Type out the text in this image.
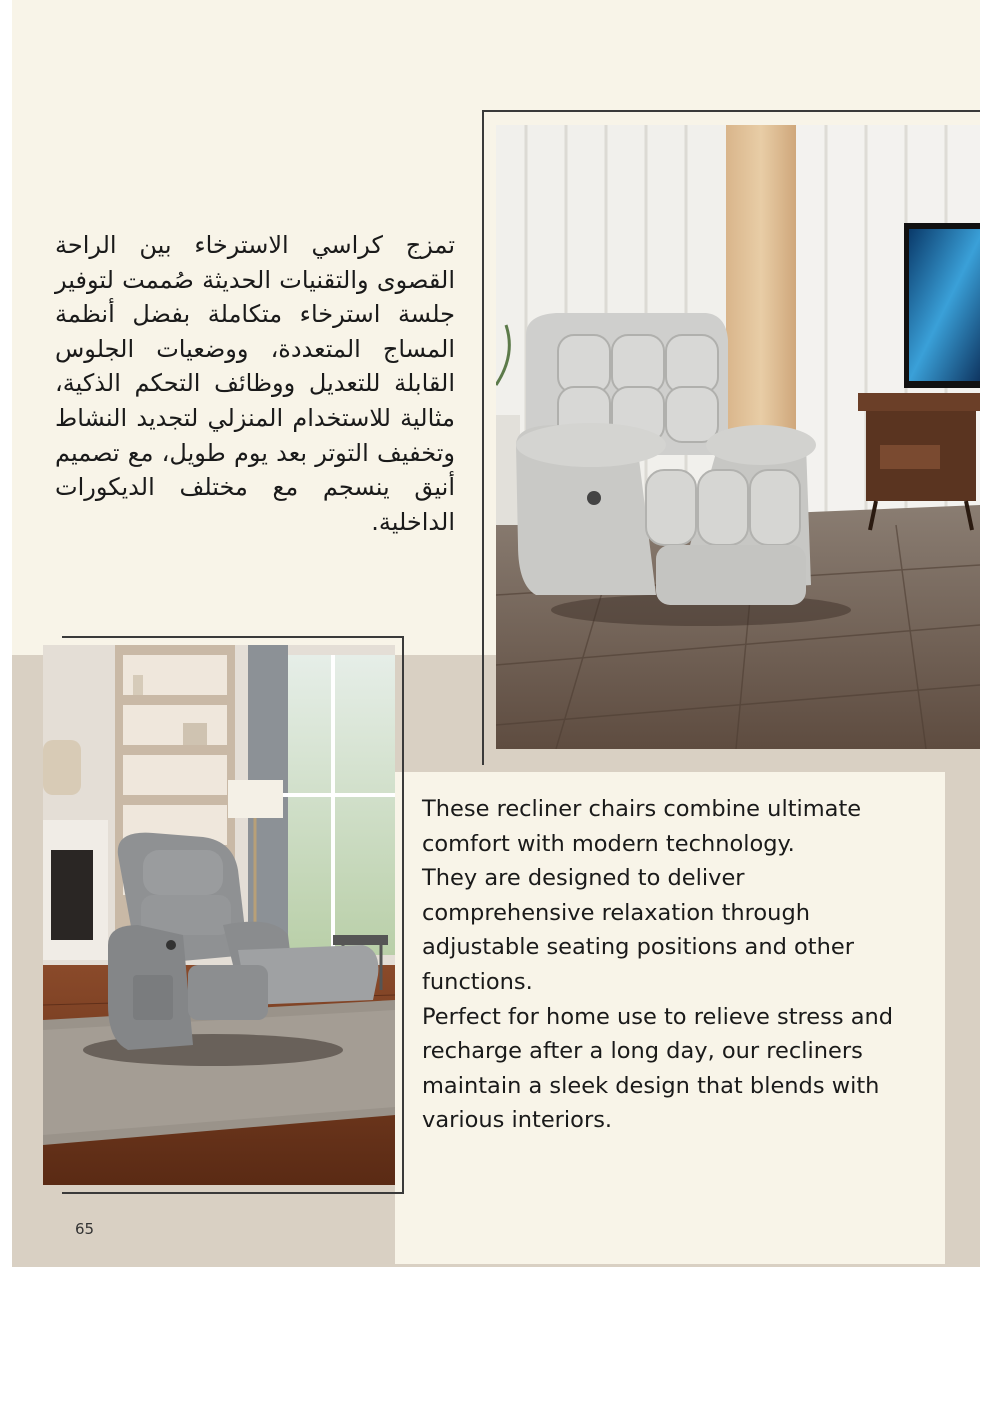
تمزج كراسي الاسترخاء بين الراحة القصوى والتقنيات الحديثة صُممت لتوفير جلسة استرخاء متكاملة بفضل أنظمة المساج المتعددة، ووضعيات الجلوس القابلة للتعديل ووظائف التحكم الذكية، مثالية للاستخدام المنزلي لتجديد النشاط وتخفيف التوتر بعد يوم طويل، مع تصميم أنيق ينسجم مع مختلف الديكورات الداخلية.

These recliner chairs combine ultimate comfort with modern technology.

They are designed to deliver comprehensive relaxation through adjustable seating positions and other functions.

Perfect for home use to relieve stress and recharge after a long day, our recliners maintain a sleek design that blends with various interiors.

65
